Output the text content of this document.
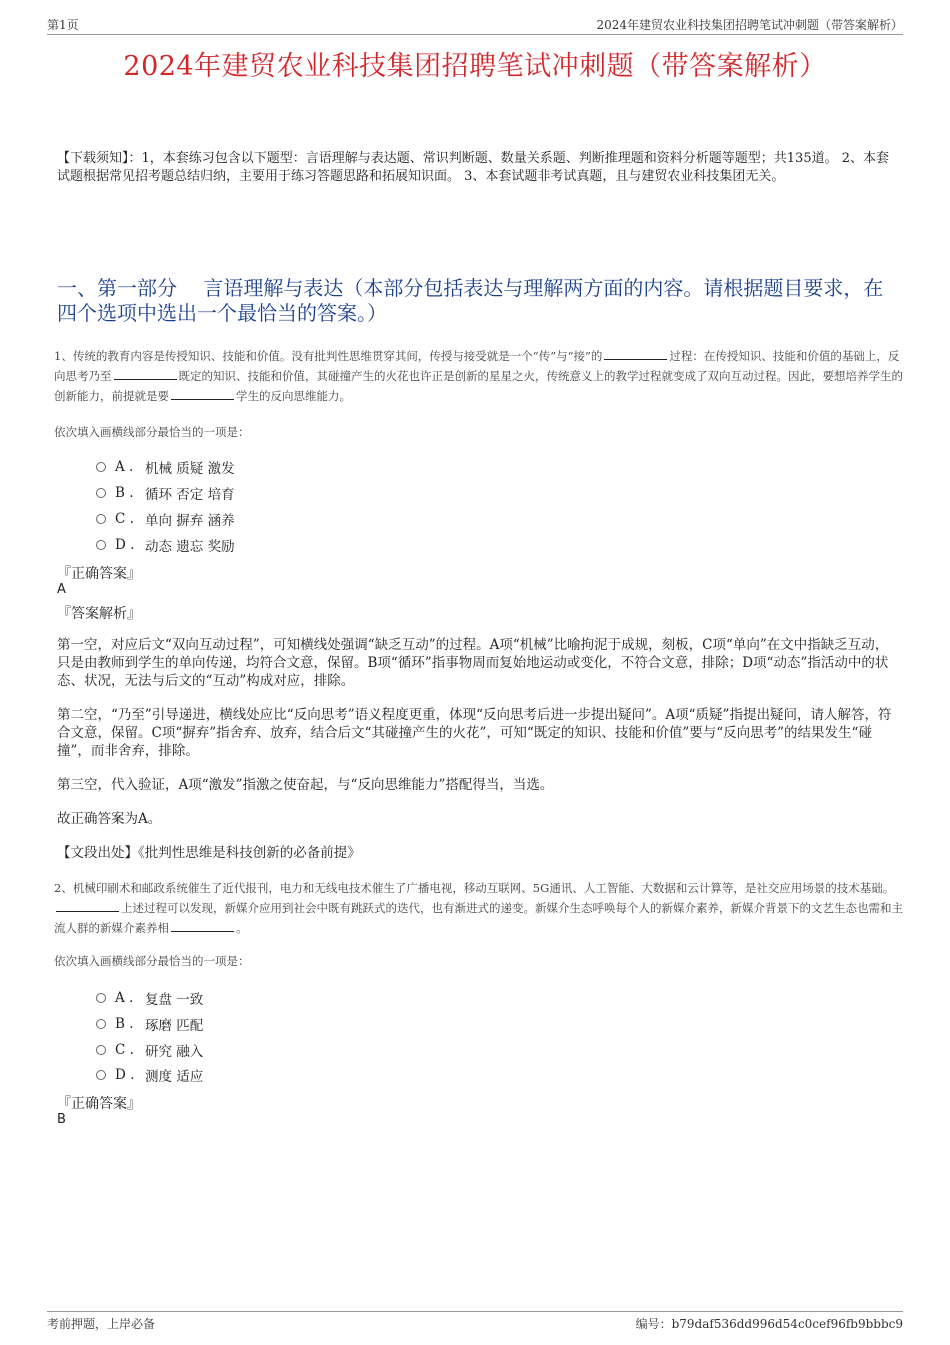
第1页	2024年建贸农业科技集团招聘笔试冲刺题（带答案解析）
2024年建贸农业科技集团招聘笔试冲刺题（带答案解析）
【下载须知】：1，本套练习包含以下题型：言语理解与表达题、常识判断题、数量关系题、判断推理题和资料分析题等题型；共135道。 2、本套试题根据常见招考题总结归纳，主要用于练习答题思路和拓展知识面。 3、本套试题非考试真题，且与建贸农业科技集团无关。
一、第一部分　 言语理解与表达（本部分包括表达与理解两方面的内容。请根据题目要求，在四个选项中选出一个最恰当的答案。）
1、传统的教育内容是传授知识、技能和价值。没有批判性思维贯穿其间，传授与接受就是一个“传”与“接”的	过程：在传授知识、技能和价值的基础上，反向思考乃至	既定的知识、技能和价值，其碰撞产生的火花也许正是创新的星星之火，传统意义上的教学过程就变成了双向互动过程。因此，要想培养学生的创新能力，前提就是要	学生的反向思维能力。
依次填入画横线部分最恰当的一项是：
A . 机械 质疑 激发
B . 循环 否定 培育
C . 单向 摒弃 涵养
D . 动态 遗忘 奖励
『正确答案』
A
『答案解析』
第一空，对应后文“双向互动过程”，可知横线处强调“缺乏互动”的过程。A项“机械”比喻拘泥于成规，刻板，C项“单向”在文中指缺乏互动，只是由教师到学生的单向传递，均符合文意，保留。B项“循环”指事物周而复始地运动或变化，不符合文意，排除；D项“动态”指活动中的状态、状况，无法与后文的“互动”构成对应，排除。
第二空，“乃至”引导递进，横线处应比“反向思考”语义程度更重，体现“反向思考后进一步提出疑问”。A项“质疑”指提出疑问，请人解答，符合文意，保留。C项“摒弃”指舍弃、放弃，结合后文“其碰撞产生的火花”，可知“既定的知识、技能和价值”要与“反向思考”的结果发生“碰撞”，而非舍弃，排除。
第三空，代入验证，A项“激发”指激之使奋起，与“反向思维能力”搭配得当，当选。
故正确答案为A。
【文段出处】《批判性思维是科技创新的必备前提》
2、机械印刷术和邮政系统催生了近代报刊，电力和无线电技术催生了广播电视，移动互联网、5G通讯、人工智能、大数据和云计算等，是社交应用场景的技术基础。上述过程可以发现，新媒介应用到社会中既有跳跃式的迭代，也有渐进式的递变。新媒介生态呼唤每个人的新媒介素养，新媒介背景下的文艺生态也需和主流人群的新媒介素养相	。
依次填入画横线部分最恰当的一项是：
A . 复盘 一致
B . 琢磨 匹配
C . 研究 融入
D . 测度 适应
『正确答案』
B
考前押题，上岸必备	编号：b79daf536dd996d54c0cef96fb9bbbc9
